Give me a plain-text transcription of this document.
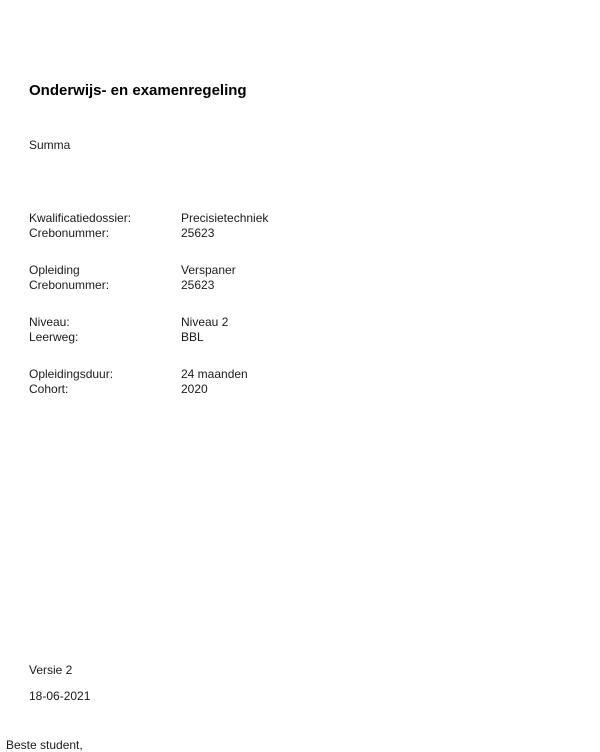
Onderwijs- en examenregeling
Summa
Kwalificatiedossier:	Precisietechniek
Crebonummer:	25623
Opleiding	Verspaner
Crebonummer:	25623
Niveau:	Niveau 2
Leerweg:	BBL
Opleidingsduur:	24 maanden
Cohort:	2020
Versie 2
18-06-2021
Beste student,
